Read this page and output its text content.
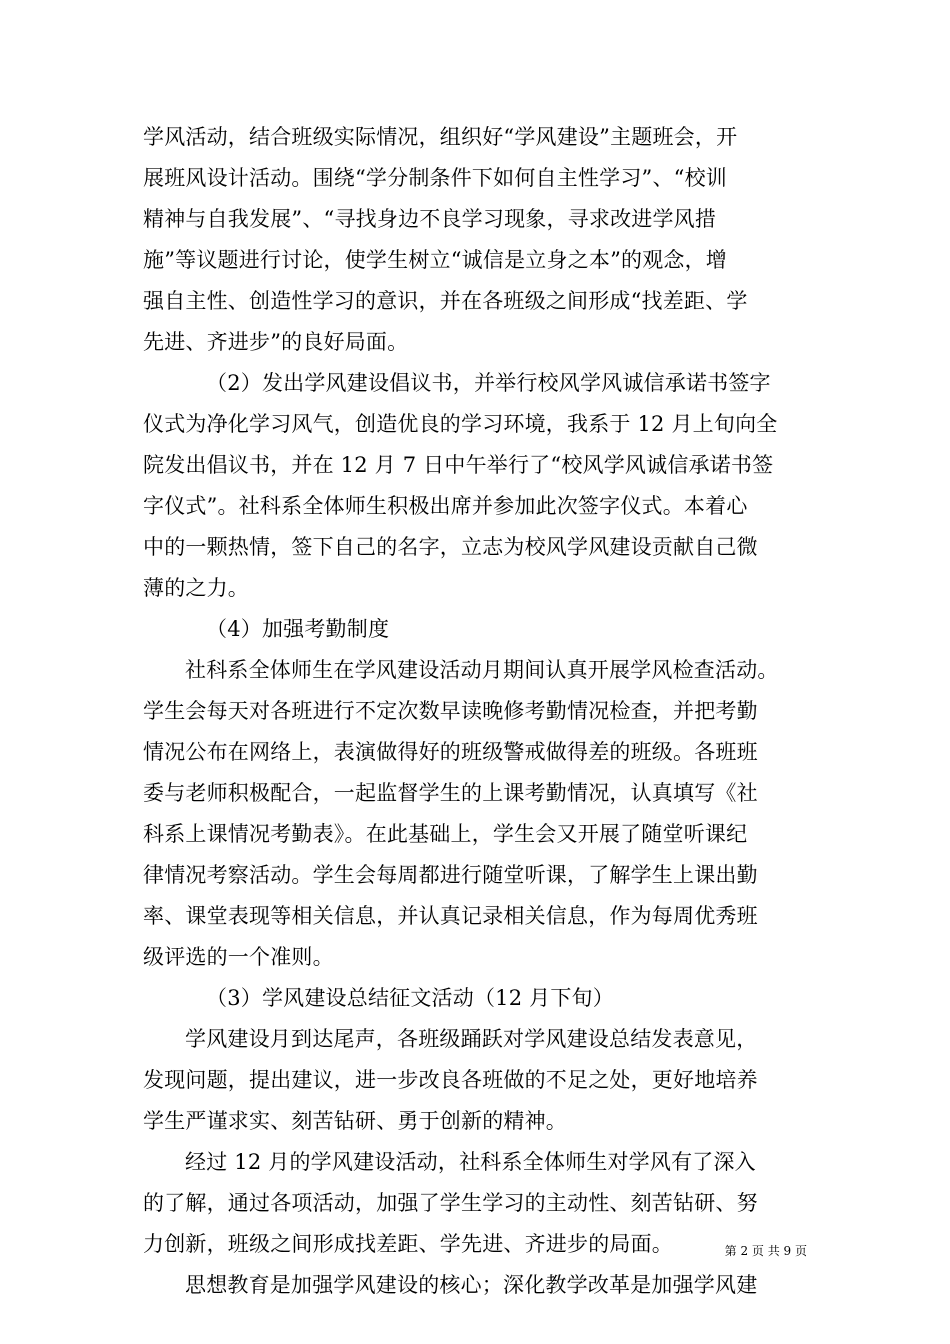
学风活动，结合班级实际情况，组织好“学风建设”主题班会，开
展班风设计活动。围绕“学分制条件下如何自主性学习”、“校训
精神与自我发展”、“寻找身边不良学习现象，寻求改进学风措
施”等议题进行讨论，使学生树立“诚信是立身之本”的观念，增
强自主性、创造性学习的意识，并在各班级之间形成“找差距、学
先进、齐进步”的良好局面。
（2）发出学风建设倡议书，并举行校风学风诚信承诺书签字
仪式为净化学习风气，创造优良的学习环境，我系于 12 月上旬向全
院发出倡议书，并在 12 月 7 日中午举行了“校风学风诚信承诺书签
字仪式”。社科系全体师生积极出席并参加此次签字仪式。本着心
中的一颗热情，签下自己的名字，立志为校风学风建设贡献自己微
薄的之力。
（4）加强考勤制度
社科系全体师生在学风建设活动月期间认真开展学风检查活动。
学生会每天对各班进行不定次数早读晚修考勤情况检查，并把考勤
情况公布在网络上，表演做得好的班级警戒做得差的班级。各班班
委与老师积极配合，一起监督学生的上课考勤情况，认真填写《社
科系上课情况考勤表》。在此基础上，学生会又开展了随堂听课纪
律情况考察活动。学生会每周都进行随堂听课，了解学生上课出勤
率、课堂表现等相关信息，并认真记录相关信息，作为每周优秀班
级评选的一个准则。
（3）学风建设总结征文活动（12 月下旬）
学风建设月到达尾声，各班级踊跃对学风建设总结发表意见，
发现问题，提出建议，进一步改良各班做的不足之处，更好地培养
学生严谨求实、刻苦钻研、勇于创新的精神。
经过 12 月的学风建设活动，社科系全体师生对学风有了深入
的了解，通过各项活动，加强了学生学习的主动性、刻苦钻研、努
力创新，班级之间形成找差距、学先进、齐进步的局面。
思想教育是加强学风建设的核心；深化教学改革是加强学风建
第 2 页 共 9 页
